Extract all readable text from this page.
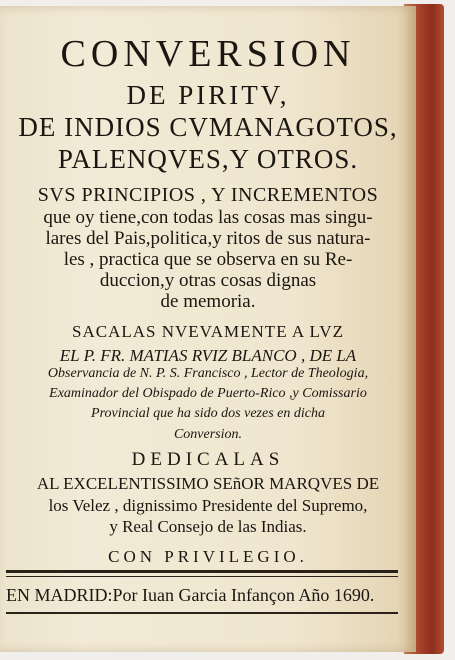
CONVERSION
DE PIRITV,
DE INDIOS CVMANAGOTOS,
PALENQVES,Y OTROS.
SVS PRINCIPIOS , Y INCREMENTOS
que oy tiene,con todas las cosas mas singu-
lares del Pais,politica,y ritos de sus natura-
les , practica que se observa en su Re-
duccion,y otras cosas dignas
de memoria.
SACALAS NVEVAMENTE A LVZ
EL P. FR. MATIAS RVIZ BLANCO , DE LA
Observancia de N. P. S. Francisco , Lector de Theologia,
Examinador del Obispado de Puerto-Rico ,y Comissario
Provincial que ha sido dos vezes en dicha
Conversion.
DEDICALAS
AL EXCELENTISSIMO SEñOR MARQVES DE
los Velez , dignissimo Presidente del Supremo,
y Real Consejo de las Indias.
CON PRIVILEGIO.
EN MADRID:Por Iuan Garcia Infançon Año 1690.
